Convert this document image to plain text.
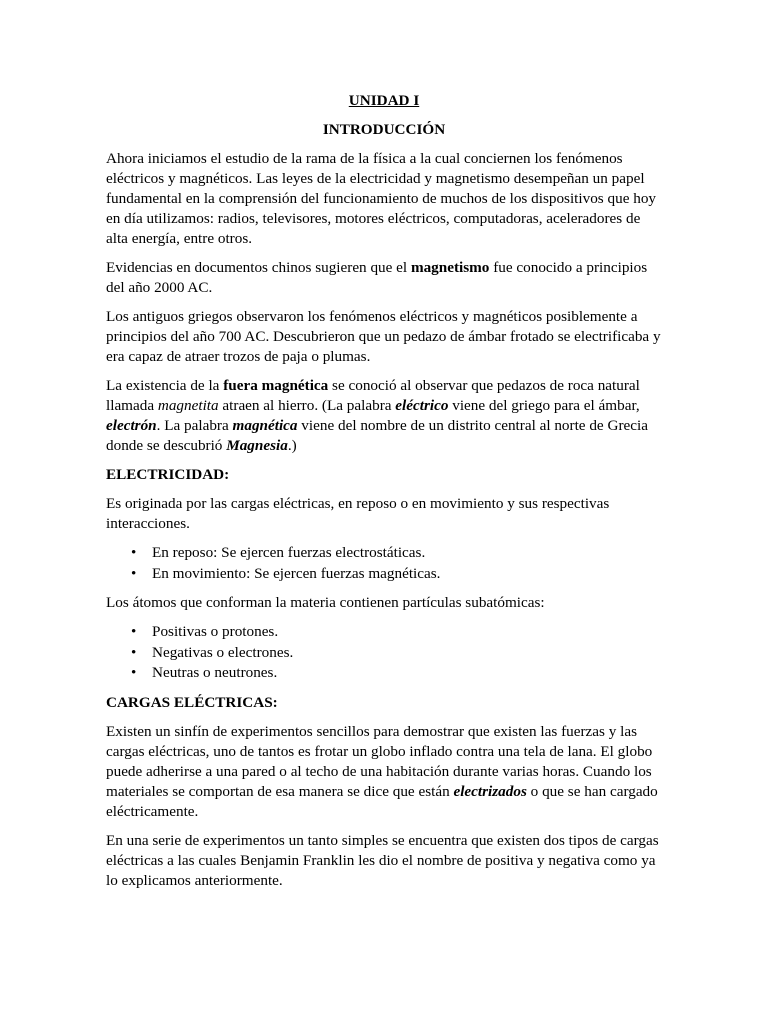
UNIDAD I
INTRODUCCIÓN

Ahora iniciamos el estudio de la rama de la física a la cual conciernen los fenómenos eléctricos y magnéticos. Las leyes de la electricidad y magnetismo desempeñan un papel fundamental en la comprensión del funcionamiento de muchos de los dispositivos que hoy en día utilizamos: radios, televisores, motores eléctricos, computadoras, aceleradores de alta energía, entre otros.

Evidencias en documentos chinos sugieren que el magnetismo fue conocido a principios del año 2000 AC.

Los antiguos griegos observaron los fenómenos eléctricos y magnéticos posiblemente a principios del año 700 AC. Descubrieron que un pedazo de ámbar frotado se electrificaba y era capaz de atraer trozos de paja o plumas.

La existencia de la fuera magnética se conoció al observar que pedazos de roca natural llamada magnetita atraen al hierro. (La palabra eléctrico viene del griego para el ámbar, electrón. La palabra magnética viene del nombre de un distrito central al norte de Grecia donde se descubrió Magnesia.)

ELECTRICIDAD:

Es originada por las cargas eléctricas, en reposo o en movimiento y sus respectivas interacciones.

• En reposo: Se ejercen fuerzas electrostáticas.
• En movimiento: Se ejercen fuerzas magnéticas.

Los átomos que conforman la materia contienen partículas subatómicas:

• Positivas o protones.
• Negativas o electrones.
• Neutras o neutrones.
CARGAS ELÉCTRICAS:

Existen un sinfín de experimentos sencillos para demostrar que existen las fuerzas y las cargas eléctricas, uno de tantos es frotar un globo inflado contra una tela de lana. El globo puede adherirse a una pared o al techo de una habitación durante varias horas. Cuando los materiales se comportan de esa manera se dice que están electrizados o que se han cargado eléctricamente.

En una serie de experimentos un tanto simples se encuentra que existen dos tipos de cargas eléctricas a las cuales Benjamin Franklin les dio el nombre de positiva y negativa como ya lo explicamos anteriormente.
